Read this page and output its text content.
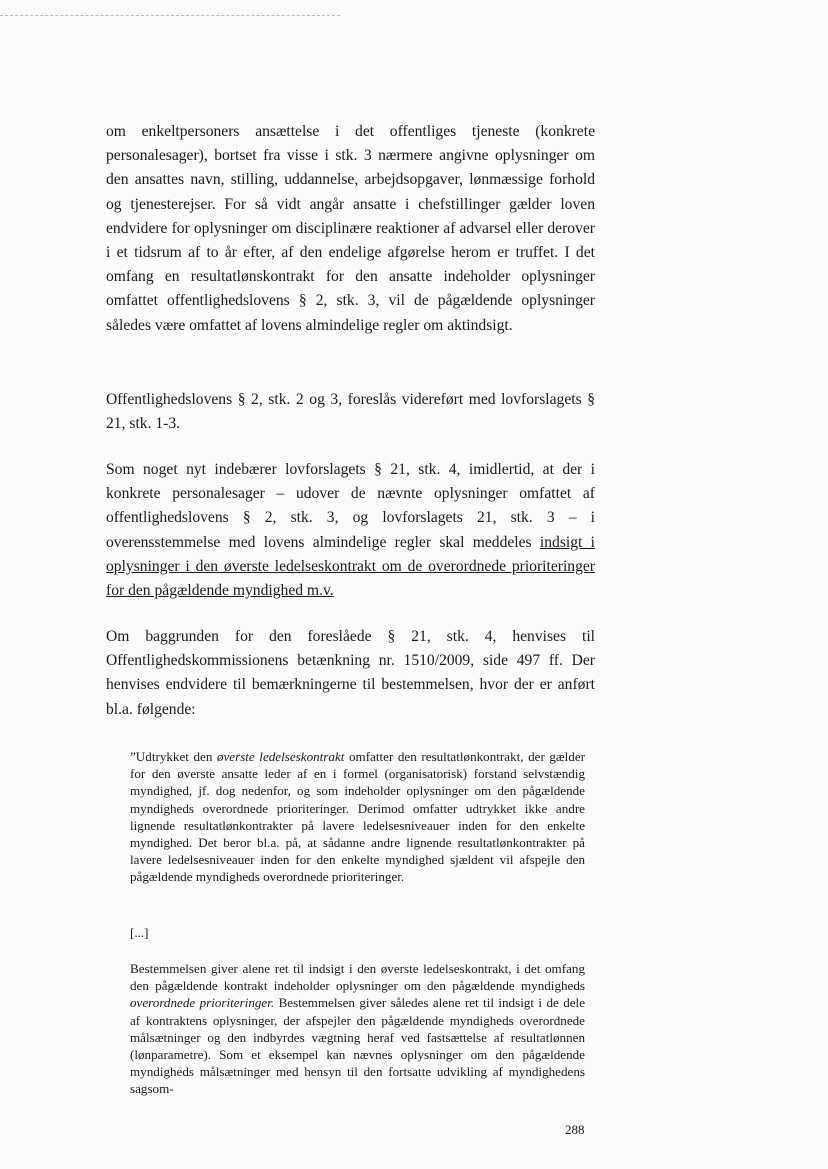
om enkeltpersoners ansættelse i det offentliges tjeneste (konkrete personalesager), bortset fra visse i stk. 3 nærmere angivne oplysninger om den ansattes navn, stilling, uddannelse, arbejdsopgaver, lønmæssige forhold og tjenesterejser. For så vidt angår ansatte i chefstillinger gælder loven endvidere for oplysninger om disciplinære reaktioner af advarsel eller derover i et tidsrum af to år efter, af den endelige afgørelse herom er truffet. I det omfang en resultatlønskontrakt for den ansatte indeholder oplysninger omfattet offentlighedslovens § 2, stk. 3, vil de pågældende oplysninger således være omfattet af lovens almindelige regler om aktindsigt.

Offentlighedslovens § 2, stk. 2 og 3, foreslås videreført med lovforslagets § 21, stk. 1-3.

Som noget nyt indebærer lovforslagets § 21, stk. 4, imidlertid, at der i konkrete personalesager – udover de nævnte oplysninger omfattet af offentlighedslovens § 2, stk. 3, og lovforslagets 21, stk. 3 – i overensstemmelse med lovens almindelige regler skal meddeles indsigt i oplysninger i den øverste ledelseskontrakt om de overordnede prioriteringer for den pågældende myndighed m.v.

Om baggrunden for den foreslåede § 21, stk. 4, henvises til Offentlighedskommissionens betænkning nr. 1510/2009, side 497 ff. Der henvises endvidere til bemærkningerne til bestemmelsen, hvor der er anført bl.a. følgende:

”Udtrykket den øverste ledelseskontrakt omfatter den resultatlønkontrakt, der gælder for den øverste ansatte leder af en i formel (organisatorisk) forstand selvstændig myndighed, jf. dog nedenfor, og som indeholder oplysninger om den pågældende myndigheds overordnede prioriteringer. Derimod omfatter udtrykket ikke andre lignende resultatlønkontrakter på lavere ledelsesniveauer inden for den enkelte myndighed. Det beror bl.a. på, at sådanne andre lignende resultatlønkontrakter på lavere ledelsesniveauer inden for den enkelte myndighed sjældent vil afspejle den pågældende myndigheds overordnede prioriteringer.

[...]

Bestemmelsen giver alene ret til indsigt i den øverste ledelseskontrakt, i det omfang den pågældende kontrakt indeholder oplysninger om den pågældende myndigheds overordnede prioriteringer. Bestemmelsen giver således alene ret til indsigt i de dele af kontraktens oplysninger, der afspejler den pågældende myndigheds overordnede målsætninger og den indbyrdes vægtning heraf ved fastsættelse af resultatlønnen (lønparametre). Som et eksempel kan nævnes oplysninger om den pågældende myndigheds målsætninger med hensyn til den fortsatte udvikling af myndighedens sagsom-

288
